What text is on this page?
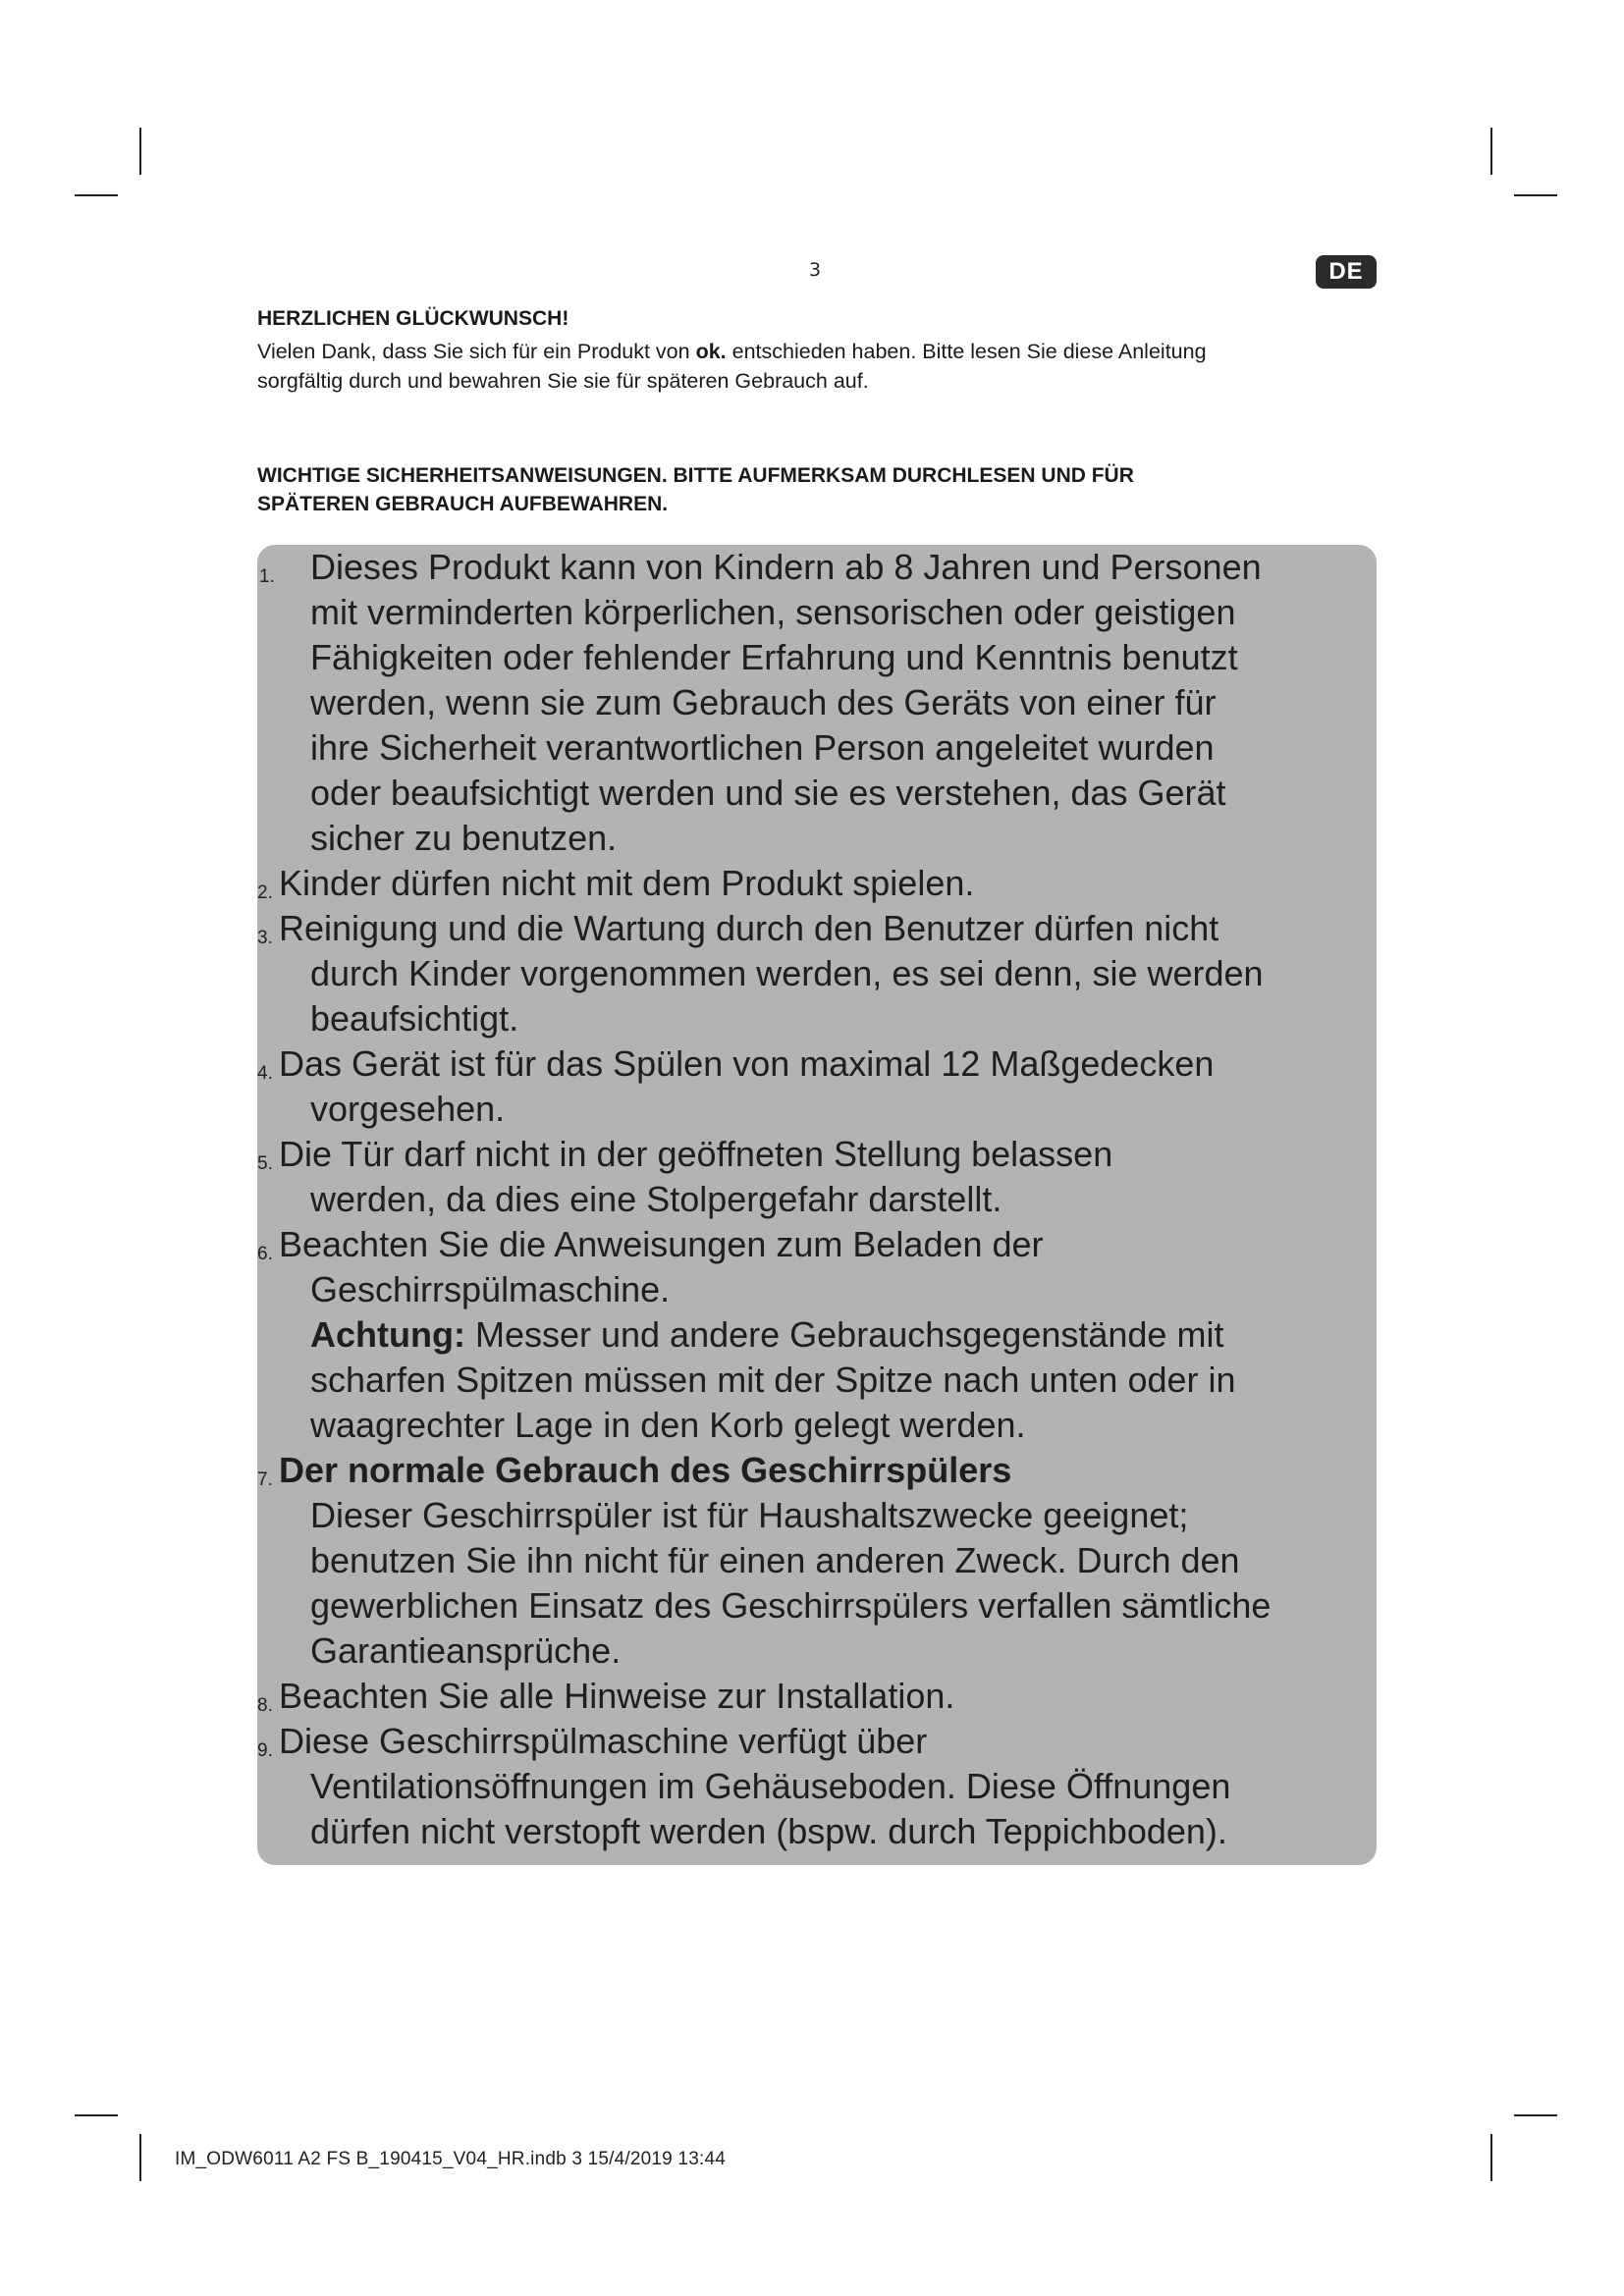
3	DE
HERZLICHEN GLÜCKWUNSCH!
Vielen Dank, dass Sie sich für ein Produkt von ok. entschieden haben. Bitte lesen Sie diese Anleitung
sorgfältig durch und bewahren Sie sie für späteren Gebrauch auf.
WICHTIGE SICHERHEITSANWEISUNGEN. BITTE AUFMERKSAM DURCHLESEN UND FÜR
SPÄTEREN GEBRAUCH AUFBEWAHREN.
1. Dieses Produkt kann von Kindern ab 8 Jahren und Personen
mit verminderten körperlichen, sensorischen oder geistigen
Fähigkeiten oder fehlender Erfahrung und Kenntnis benutzt
werden, wenn sie zum Gebrauch des Geräts von einer für
ihre Sicherheit verantwortlichen Person angeleitet wurden
oder beaufsichtigt werden und sie es verstehen, das Gerät
sicher zu benutzen.
2. Kinder dürfen nicht mit dem Produkt spielen.
3. Reinigung und die Wartung durch den Benutzer dürfen nicht
durch Kinder vorgenommen werden, es sei denn, sie werden
beaufsichtigt.
4. Das Gerät ist für das Spülen von maximal 12 Maßgedecken
vorgesehen.
5. Die Tür darf nicht in der geöffneten Stellung belassen
werden, da dies eine Stolpergefahr darstellt.
6. Beachten Sie die Anweisungen zum Beladen der
Geschirrspülmaschine.
Achtung: Messer und andere Gebrauchsgegenstände mit
scharfen Spitzen müssen mit der Spitze nach unten oder in
waagrechter Lage in den Korb gelegt werden.
7. Der normale Gebrauch des Geschirrspülers
Dieser Geschirrspüler ist für Haushaltszwecke geeignet;
benutzen Sie ihn nicht für einen anderen Zweck. Durch den
gewerblichen Einsatz des Geschirrspülers verfallen sämtliche
Garantieansprüche.
8. Beachten Sie alle Hinweise zur Installation.
9. Diese Geschirrspülmaschine verfügt über
Ventilationsöffnungen im Gehäuseboden. Diese Öffnungen
dürfen nicht verstopft werden (bspw. durch Teppichboden).
IM_ODW6011 A2 FS B_190415_V04_HR.indb 3 15/4/2019 13:44
